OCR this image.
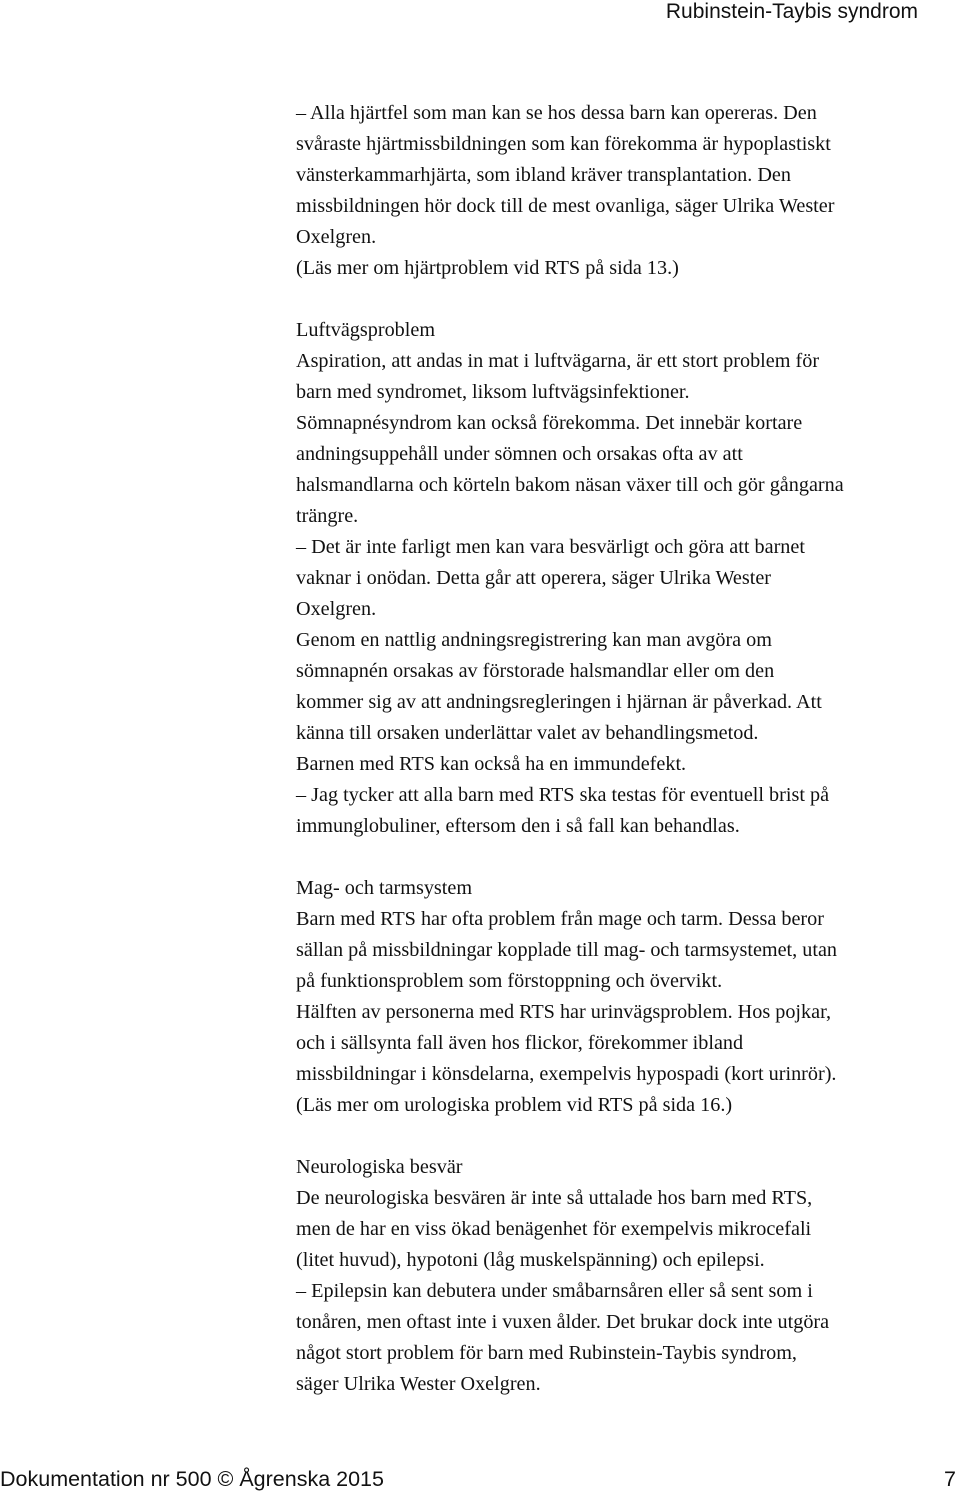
Rubinstein-Taybis syndrom

– Alla hjärtfel som man kan se hos dessa barn kan opereras. Den
svåraste hjärtmissbildningen som kan förekomma är hypoplastiskt
vänsterkammarhjärta, som ibland kräver transplantation. Den
missbildningen hör dock till de mest ovanliga, säger Ulrika Wester
Oxelgren.

(Läs mer om hjärtproblem vid RTS på sida 13.)

Luftvägsproblem

Aspiration, att andas in mat i luftvägarna, är ett stort problem för
barn med syndromet, liksom luftvägsinfektioner.

Sömnapnésyndrom kan också förekomma. Det innebär kortare
andningsuppehåll under sömnen och orsakas ofta av att
halsmandlarna och körteln bakom näsan växer till och gör gångarna
trängre.

– Det är inte farligt men kan vara besvärligt och göra att barnet
vaknar i onödan. Detta går att operera, säger Ulrika Wester
Oxelgren.

Genom en nattlig andningsregistrering kan man avgöra om
sömnapnén orsakas av förstorade halsmandlar eller om den
kommer sig av att andningsregleringen i hjärnan är påverkad. Att
känna till orsaken underlättar valet av behandlingsmetod.

Barnen med RTS kan också ha en immundefekt.

– Jag tycker att alla barn med RTS ska testas för eventuell brist på
immunglobuliner, eftersom den i så fall kan behandlas.

Mag- och tarmsystem

Barn med RTS har ofta problem från mage och tarm. Dessa beror
sällan på missbildningar kopplade till mag- och tarmsystemet, utan
på funktionsproblem som förstoppning och övervikt.

Hälften av personerna med RTS har urinvägsproblem. Hos pojkar,
och i sällsynta fall även hos flickor, förekommer ibland
missbildningar i könsdelarna, exempelvis hypospadi (kort urinrör).

(Läs mer om urologiska problem vid RTS på sida 16.)

Neurologiska besvär

De neurologiska besvären är inte så uttalade hos barn med RTS,
men de har en viss ökad benägenhet för exempelvis mikrocefali
(litet huvud), hypotoni (låg muskelspänning) och epilepsi.

– Epilepsin kan debutera under småbarnsåren eller så sent som i
tonåren, men oftast inte i vuxen ålder. Det brukar dock inte utgöra
något stort problem för barn med Rubinstein-Taybis syndrom,
säger Ulrika Wester Oxelgren.

Dokumentation nr 500 © Ågrenska 2015	7
